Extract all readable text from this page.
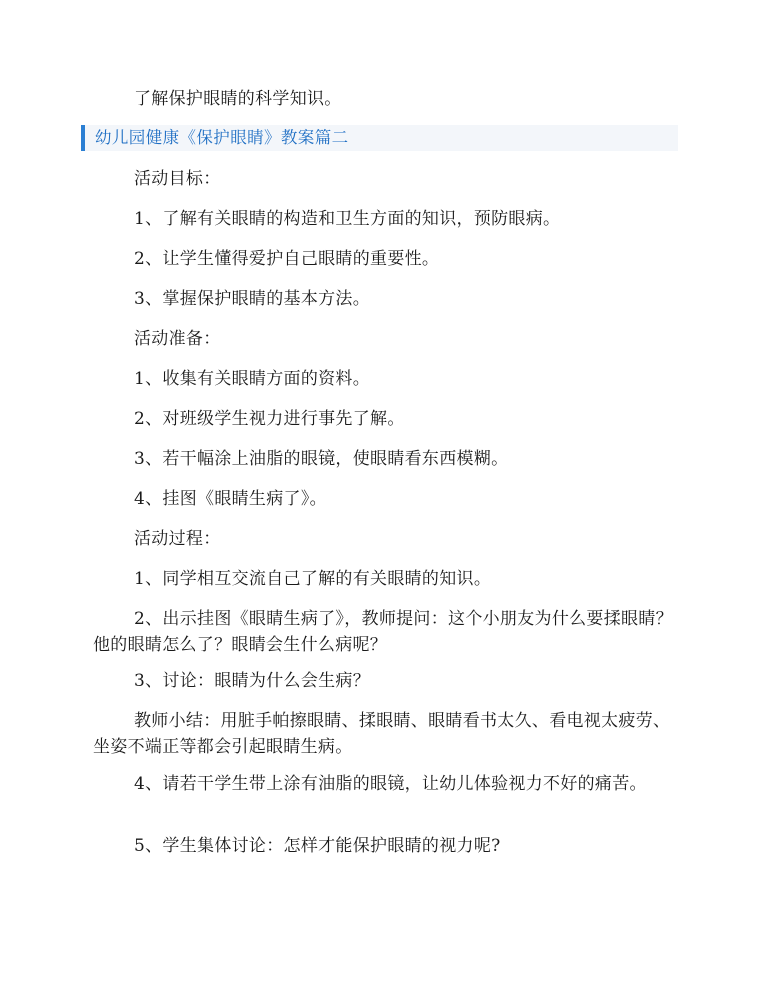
了解保护眼睛的科学知识。

幼儿园健康《保护眼睛》教案篇二

活动目标：

1、了解有关眼睛的构造和卫生方面的知识，预防眼病。

2、让学生懂得爱护自己眼睛的重要性。

3、掌握保护眼睛的基本方法。

活动准备：

1、收集有关眼睛方面的资料。

2、对班级学生视力进行事先了解。

3、若干幅涂上油脂的眼镜，使眼睛看东西模糊。

4、挂图《眼睛生病了》。

活动过程：

1、同学相互交流自己了解的有关眼睛的知识。

2、出示挂图《眼睛生病了》，教师提问：这个小朋友为什么要揉眼睛？他的眼睛怎么了？眼睛会生什么病呢？

3、讨论：眼睛为什么会生病？

教师小结：用脏手帕擦眼睛、揉眼睛、眼睛看书太久、看电视太疲劳、坐姿不端正等都会引起眼睛生病。

4、请若干学生带上涂有油脂的眼镜，让幼儿体验视力不好的痛苦。

5、学生集体讨论：怎样才能保护眼睛的视力呢?
